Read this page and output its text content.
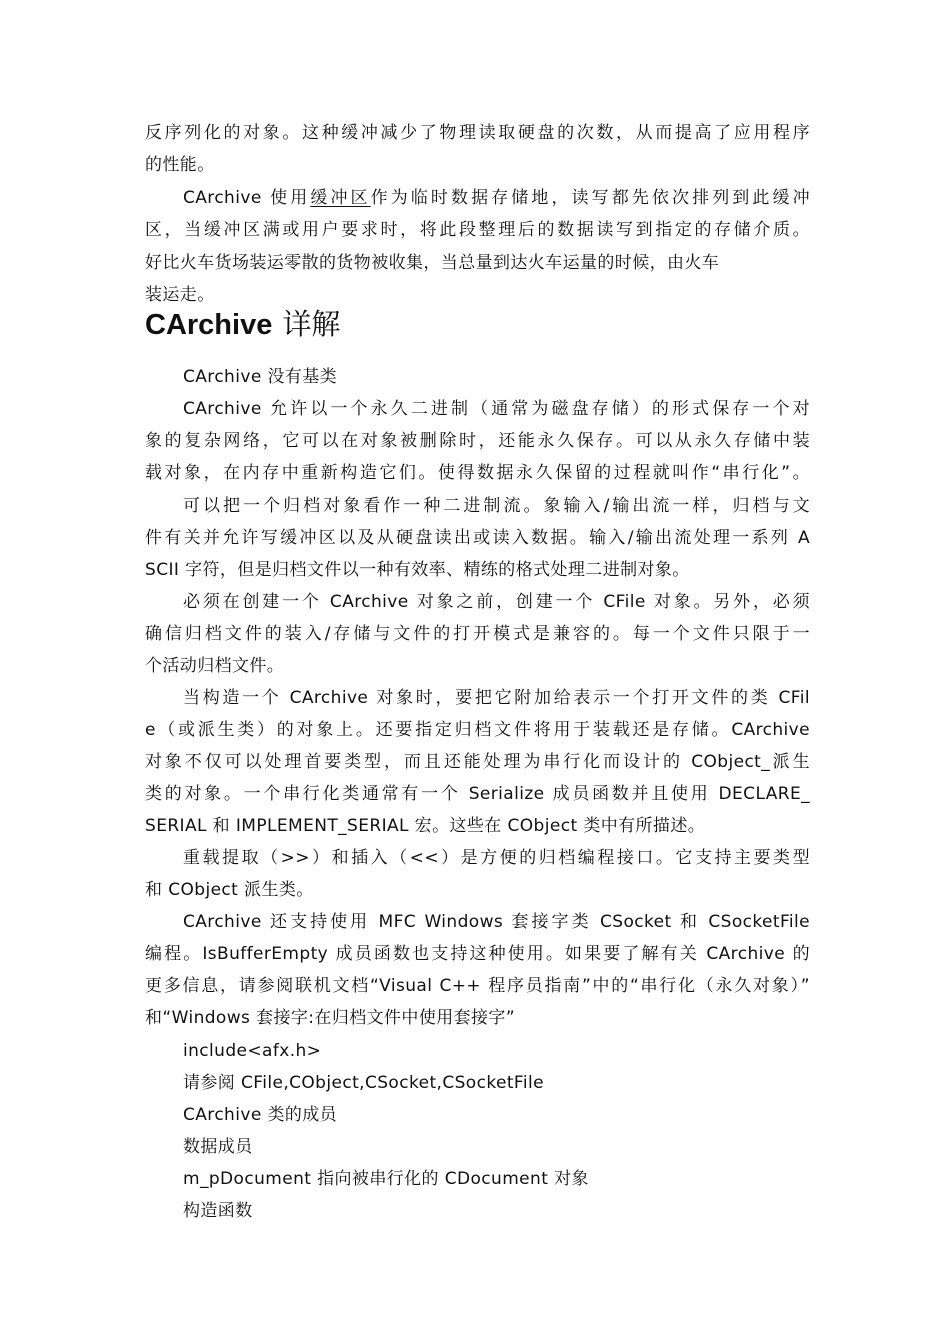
反序列化的对象。这种缓冲减少了物理读取硬盘的次数，从而提高了应用程序
的性能。
CArchive 使用缓冲区作为临时数据存储地，读写都先依次排列到此缓冲
区，当缓冲区满或用户要求时，将此段整理后的数据读写到指定的存储介质。
好比火车货场装运零散的货物被收集，当总量到达火车运量的时候，由火车
装运走。
CArchive 详解
CArchive 没有基类
CArchive 允许以一个永久二进制（通常为磁盘存储）的形式保存一个对
象的复杂网络，它可以在对象被删除时，还能永久保存。可以从永久存储中装
载对象，在内存中重新构造它们。使得数据永久保留的过程就叫作“串行化”。
可以把一个归档对象看作一种二进制流。象输入/输出流一样，归档与文
件有关并允许写缓冲区以及从硬盘读出或读入数据。输入/输出流处理一系列 A
SCII 字符，但是归档文件以一种有效率、精练的格式处理二进制对象。
必须在创建一个 CArchive 对象之前，创建一个 CFile 对象。另外，必须
确信归档文件的装入/存储与文件的打开模式是兼容的。每一个文件只限于一
个活动归档文件。
当构造一个 CArchive 对象时，要把它附加给表示一个打开文件的类 CFil
e（或派生类）的对象上。还要指定归档文件将用于装载还是存储。CArchive
对象不仅可以处理首要类型，而且还能处理为串行化而设计的 CObject_派生
类的对象。一个串行化类通常有一个 Serialize 成员函数并且使用 DECLARE_
SERIAL 和 IMPLEMENT_SERIAL 宏。这些在 CObject 类中有所描述。
重载提取（>>）和插入（<<）是方便的归档编程接口。它支持主要类型
和 CObject 派生类。
CArchive 还支持使用 MFC Windows 套接字类 CSocket 和 CSocketFile
编程。IsBufferEmpty 成员函数也支持这种使用。如果要了解有关 CArchive 的
更多信息，请参阅联机文档“Visual C++ 程序员指南”中的“串行化（永久对象）”
和“Windows 套接字:在归档文件中使用套接字”
include<afx.h>
请参阅 CFile,CObject,CSocket,CSocketFile
CArchive 类的成员
数据成员
m_pDocument 指向被串行化的 CDocument 对象
构造函数
